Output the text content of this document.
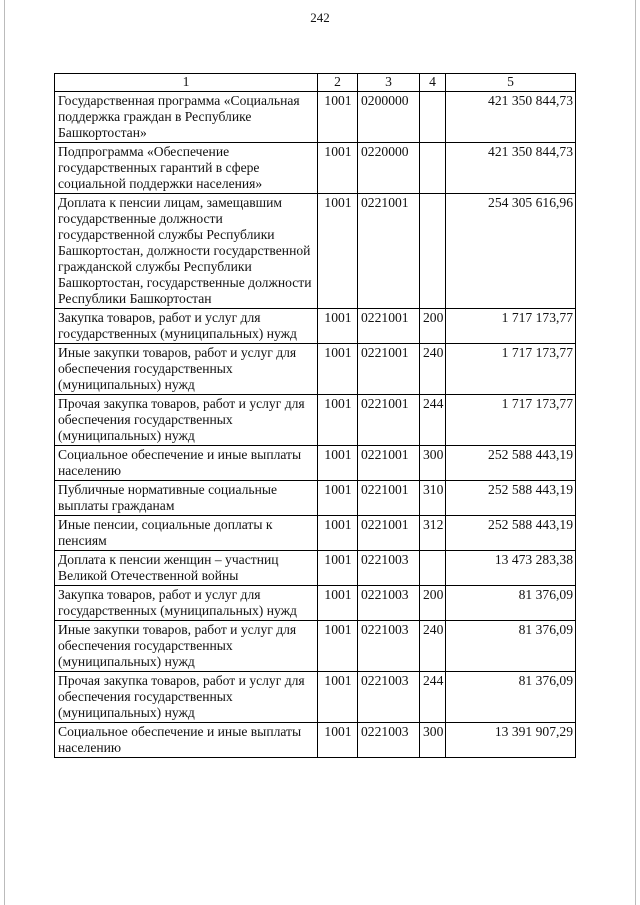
242
1	2	3	4	5
Государственная программа «Социальная поддержка граждан в Республике Башкортостан»	1001	0200000		421 350 844,73
Подпрограмма «Обеспечение государственных гарантий в сфере социальной поддержки населения»	1001	0220000		421 350 844,73
Доплата к пенсии лицам, замещавшим государственные должности государственной службы Республики Башкортостан, должности государственной гражданской службы Республики Башкортостан, государственные должности Республики Башкортостан	1001	0221001		254 305 616,96
Закупка товаров, работ и услуг для государственных (муниципальных) нужд	1001	0221001	200	1 717 173,77
Иные закупки товаров, работ и услуг для обеспечения государственных (муниципальных) нужд	1001	0221001	240	1 717 173,77
Прочая закупка товаров, работ и услуг для обеспечения государственных (муниципальных) нужд	1001	0221001	244	1 717 173,77
Социальное обеспечение и иные выплаты населению	1001	0221001	300	252 588 443,19
Публичные нормативные социальные выплаты гражданам	1001	0221001	310	252 588 443,19
Иные пенсии, социальные доплаты к пенсиям	1001	0221001	312	252 588 443,19
Доплата к пенсии женщин – участниц Великой Отечественной войны	1001	0221003		13 473 283,38
Закупка товаров, работ и услуг для государственных (муниципальных) нужд	1001	0221003	200	81 376,09
Иные закупки товаров, работ и услуг для обеспечения государственных (муниципальных) нужд	1001	0221003	240	81 376,09
Прочая закупка товаров, работ и услуг для обеспечения государственных (муниципальных) нужд	1001	0221003	244	81 376,09
Социальное обеспечение и иные выплаты населению	1001	0221003	300	13 391 907,29
